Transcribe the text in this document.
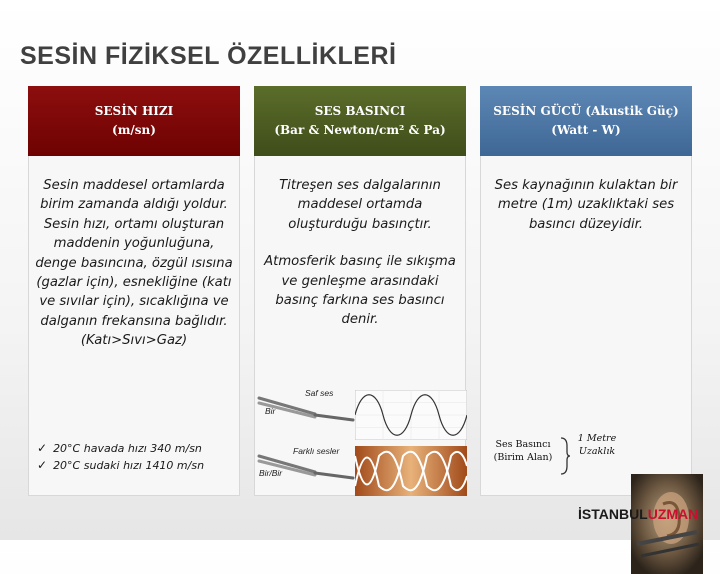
SESİN FİZİKSEL ÖZELLİKLERİ
SESİN HIZI
(m/sn)

Sesin maddesel ortamlarda birim zamanda aldığı yoldur. Sesin hızı, ortamı oluşturan maddenin yoğunluğuna, denge basıncına, özgül ısısına (gazlar için), esnekliğine (katı ve sıvılar için), sıcaklığına ve dalganın frekansına bağlıdır. (Katı>Sıvı>Gaz)

✓ 20°C havada hızı 340 m/sn
✓ 20°C sudaki hızı 1410 m/sn
SES BASINCI
(Bar & Newton/cm² & Pa)

Titreşen ses dalgalarının maddesel ortamda oluşturduğu basınçtır.

Atmosferik basınç ile sıkışma ve genleşme arasındaki basınç farkına ses basıncı denir.

Saf ses
Bir
Farklı sesler
Bir/Bir
SESİN GÜCÜ (Akustik Güç)
(Watt - W)

Ses kaynağının kulaktan bir metre (1m) uzaklıktaki ses basıncı düzeyidir.

Ses Basıncı
(Birim Alan)
1 Metre
Uzaklık
İSTANBULUZMAN
